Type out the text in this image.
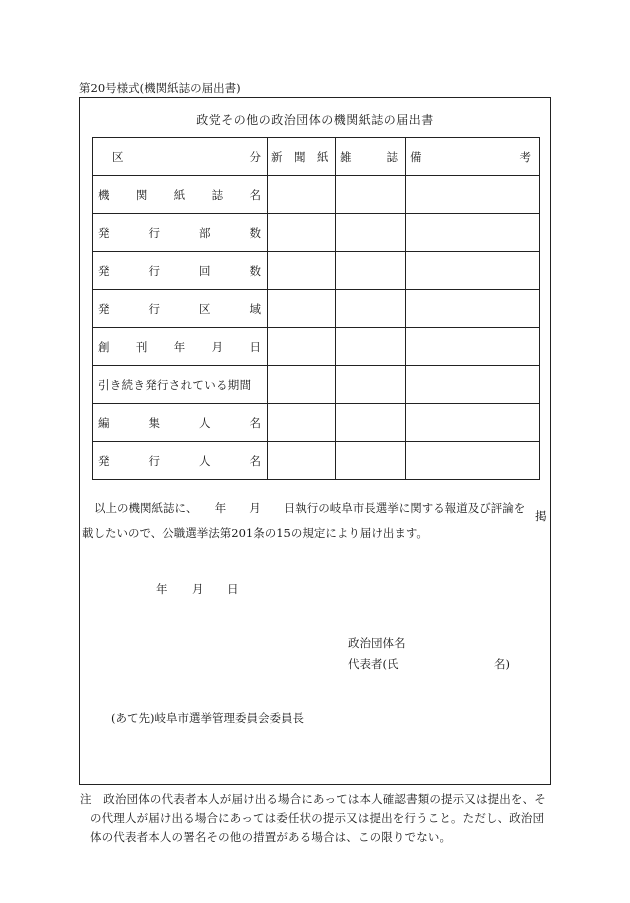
第20号様式(機関紙誌の届出書)
政党その他の政治団体の機関紙誌の届出書
区 分	新　聞　紙	雑 誌	備 考

機 関 紙 誌 名			

発 行 部 数			

発 行 回 数			

発 行 区 域			

創 刊 年 月 日			

引き続き発行されている期間			

編 集 人 名			

発 行 人 名			

以上の機関紙誌に、　　年　　月　　日執行の岐阜市長選挙に関する報道及び評論を
掲
載したいので、公職選挙法第201条の15の規定により届け出ます。
年 月 日
政治団体名
代表者(氏	名)
(あて先)岐阜市選挙管理委員会委員長
注　政治団体の代表者本人が届け出る場合にあっては本人確認書類の提示又は提出を、そ
の代理人が届け出る場合にあっては委任状の提示又は提出を行うこと。ただし、政治団
体の代表者本人の署名その他の措置がある場合は、この限りでない。
